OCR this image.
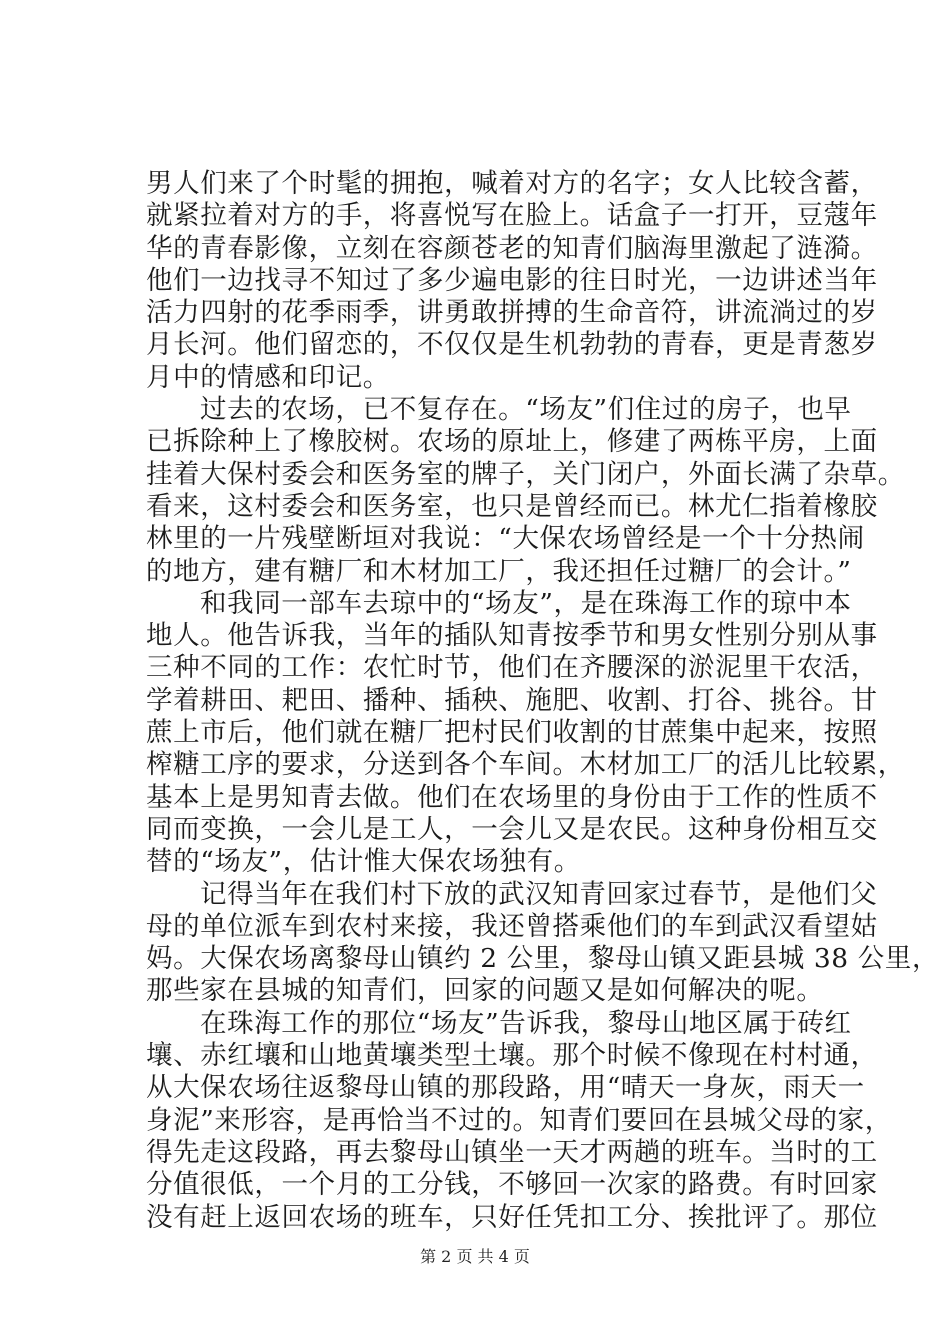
男人们来了个时髦的拥抱，喊着对方的名字；女人比较含蓄，
就紧拉着对方的手，将喜悦写在脸上。话盒子一打开，豆蔻年
华的青春影像，立刻在容颜苍老的知青们脑海里激起了涟漪。
他们一边找寻不知过了多少遍电影的往日时光，一边讲述当年
活力四射的花季雨季，讲勇敢拼搏的生命音符，讲流淌过的岁
月长河。他们留恋的，不仅仅是生机勃勃的青春，更是青葱岁
月中的情感和印记。
过去的农场，已不复存在。“场友”们住过的房子，也早
已拆除种上了橡胶树。农场的原址上，修建了两栋平房，上面
挂着大保村委会和医务室的牌子，关门闭户，外面长满了杂草。
看来，这村委会和医务室，也只是曾经而已。林尤仁指着橡胶
林里的一片残壁断垣对我说：“大保农场曾经是一个十分热闹
的地方，建有糖厂和木材加工厂，我还担任过糖厂的会计。”
和我同一部车去琼中的“场友”，是在珠海工作的琼中本
地人。他告诉我，当年的插队知青按季节和男女性别分别从事
三种不同的工作：农忙时节，他们在齐腰深的淤泥里干农活，
学着耕田、耙田、播种、插秧、施肥、收割、打谷、挑谷。甘
蔗上市后，他们就在糖厂把村民们收割的甘蔗集中起来，按照
榨糖工序的要求，分送到各个车间。木材加工厂的活儿比较累，
基本上是男知青去做。他们在农场里的身份由于工作的性质不
同而变换，一会儿是工人，一会儿又是农民。这种身份相互交
替的“场友”，估计惟大保农场独有。
记得当年在我们村下放的武汉知青回家过春节，是他们父
母的单位派车到农村来接，我还曾搭乘他们的车到武汉看望姑
妈。大保农场离黎母山镇约 2 公里，黎母山镇又距县城 38 公里，
那些家在县城的知青们，回家的问题又是如何解决的呢。
在珠海工作的那位“场友”告诉我，黎母山地区属于砖红
壤、赤红壤和山地黄壤类型土壤。那个时候不像现在村村通，
从大保农场往返黎母山镇的那段路，用“晴天一身灰，雨天一
身泥”来形容，是再恰当不过的。知青们要回在县城父母的家，
得先走这段路，再去黎母山镇坐一天才两趟的班车。当时的工
分值很低，一个月的工分钱，不够回一次家的路费。有时回家
没有赶上返回农场的班车，只好任凭扣工分、挨批评了。那位
第 2 页 共 4 页
